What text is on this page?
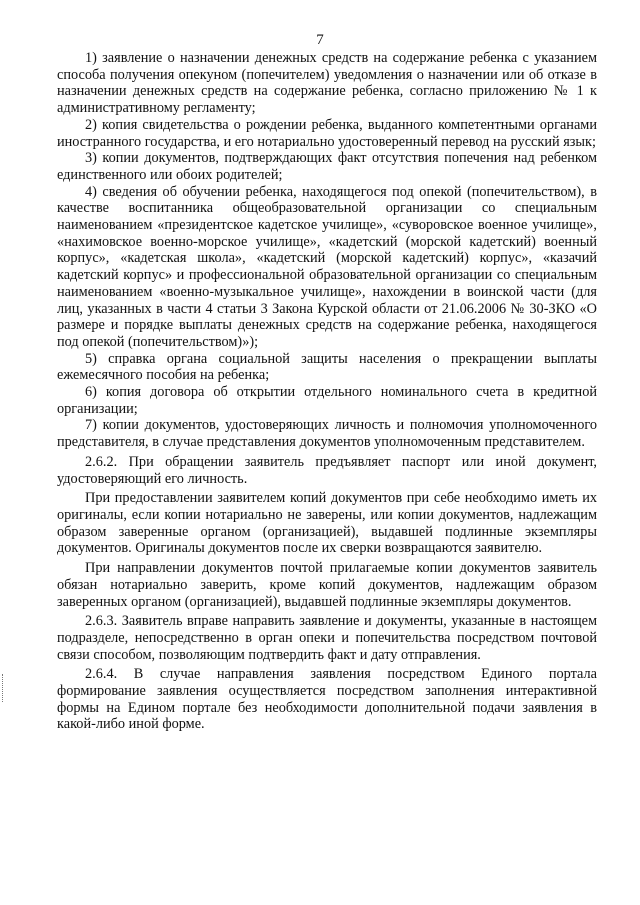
7

1) заявление о назначении денежных средств на содержание ребенка с указанием способа получения опекуном (попечителем) уведомления о назначении или об отказе в назначении денежных средств на содержание ребенка, согласно приложению № 1 к административному регламенту;

2) копия свидетельства о рождении ребенка, выданного компетентными органами иностранного государства, и его нотариально удостоверенный перевод на русский язык;

3) копии документов, подтверждающих факт отсутствия попечения над ребенком единственного или обоих родителей;

4) сведения об обучении ребенка, находящегося под опекой (попечительством), в качестве воспитанника общеобразовательной организации со специальным наименованием «президентское кадетское училище», «суворовское военное училище», «нахимовское военно-морское училище», «кадетский (морской кадетский) военный корпус», «кадетская школа», «кадетский (морской кадетский) корпус», «казачий кадетский корпус» и профессиональной образовательной организации со специальным наименованием «военно-музыкальное училище», нахождении в воинской части (для лиц, указанных в части 4 статьи 3 Закона Курской области от 21.06.2006 № 30-ЗКО «О размере и порядке выплаты денежных средств на содержание ребенка, находящегося под опекой (попечительством)»);

5) справка органа социальной защиты населения о прекращении выплаты ежемесячного пособия на ребенка;

6) копия договора об открытии отдельного номинального счета в кредитной организации;

7) копии документов, удостоверяющих личность и полномочия уполномоченного представителя, в случае представления документов уполномоченным представителем.

2.6.2. При обращении заявитель предъявляет паспорт или иной документ, удостоверяющий его личность.

При предоставлении заявителем копий документов при себе необходимо иметь их оригиналы, если копии нотариально не заверены, или копии документов, надлежащим образом заверенные органом (организацией), выдавшей подлинные экземпляры документов. Оригиналы документов после их сверки возвращаются заявителю.

При направлении документов почтой прилагаемые копии документов заявитель обязан нотариально заверить, кроме копий документов, надлежащим образом заверенных органом (организацией), выдавшей подлинные экземпляры документов.

2.6.3. Заявитель вправе направить заявление и документы, указанные в настоящем подразделе, непосредственно в орган опеки и попечительства посредством почтовой связи способом, позволяющим подтвердить факт и дату отправления.

2.6.4. В случае направления заявления посредством Единого портала формирование заявления осуществляется посредством заполнения интерактивной формы на Едином портале без необходимости дополнительной подачи заявления в какой-либо иной форме.
